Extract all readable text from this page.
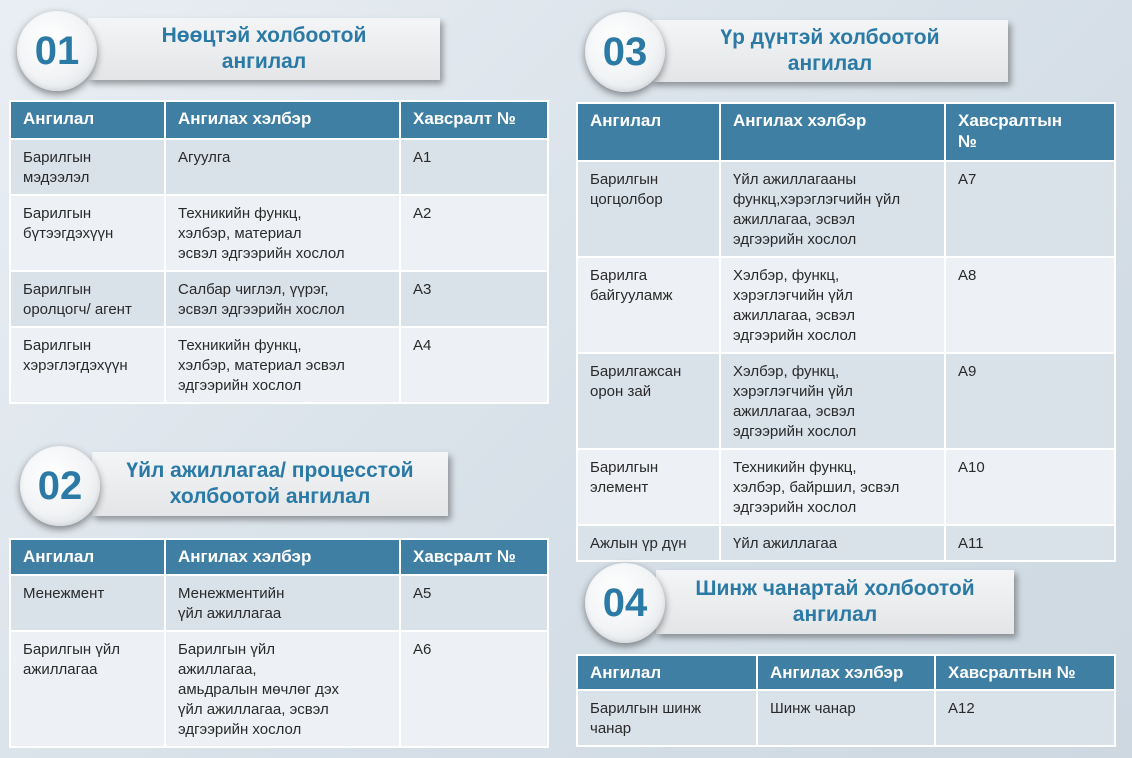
Нөөцтэй холбоотой
ангилал
01
Ангилал	Ангилах хэлбэр	Хавсралт №
Барилгын
мэдээлэл	Агуулга	A1
Барилгын
бүтээгдэхүүн	Техникийн функц,
хэлбэр, материал
эсвэл эдгээрийн хослол	A2
Барилгын
оролцогч/ агент	Салбар чиглэл, үүрэг,
эсвэл эдгээрийн хослол	A3
Барилгын
хэрэглэгдэхүүн	Техникийн функц,
хэлбэр, материал эсвэл
эдгээрийн хослол	A4
Үйл ажиллагаа/ процесстой
холбоотой ангилал
02
Ангилал	Ангилах хэлбэр	Хавсралт №
Менежмент	Менежментийн
үйл ажиллагаа	A5
Барилгын үйл
ажиллагаа	Барилгын үйл
ажиллагаа,
амьдралын мөчлөг дэх
үйл ажиллагаа, эсвэл
эдгээрийн хослол	A6
Үр дүнтэй холбоотой
ангилал
03
Ангилал	Ангилах хэлбэр	Хавсралтын
№
Барилгын
цогцолбор	Үйл ажиллагааны
функц,хэрэглэгчийн үйл
ажиллагаа, эсвэл
эдгээрийн хослол	A7
Барилга
байгууламж	Хэлбэр, функц,
хэрэглэгчийн үйл
ажиллагаа, эсвэл
эдгээрийн хослол	A8
Барилгажсан
орон зай	Хэлбэр, функц,
хэрэглэгчийн үйл
ажиллагаа, эсвэл
эдгээрийн хослол	A9
Барилгын
элемент	Техникийн функц,
хэлбэр, байршил, эсвэл
эдгээрийн хослол	A10
Ажлын үр дүн	Үйл ажиллагаа	A11
Шинж чанартай холбоотой
ангилал
04
Ангилал	Ангилах хэлбэр	Хавсралтын №
Барилгын шинж
чанар	Шинж чанар	A12
